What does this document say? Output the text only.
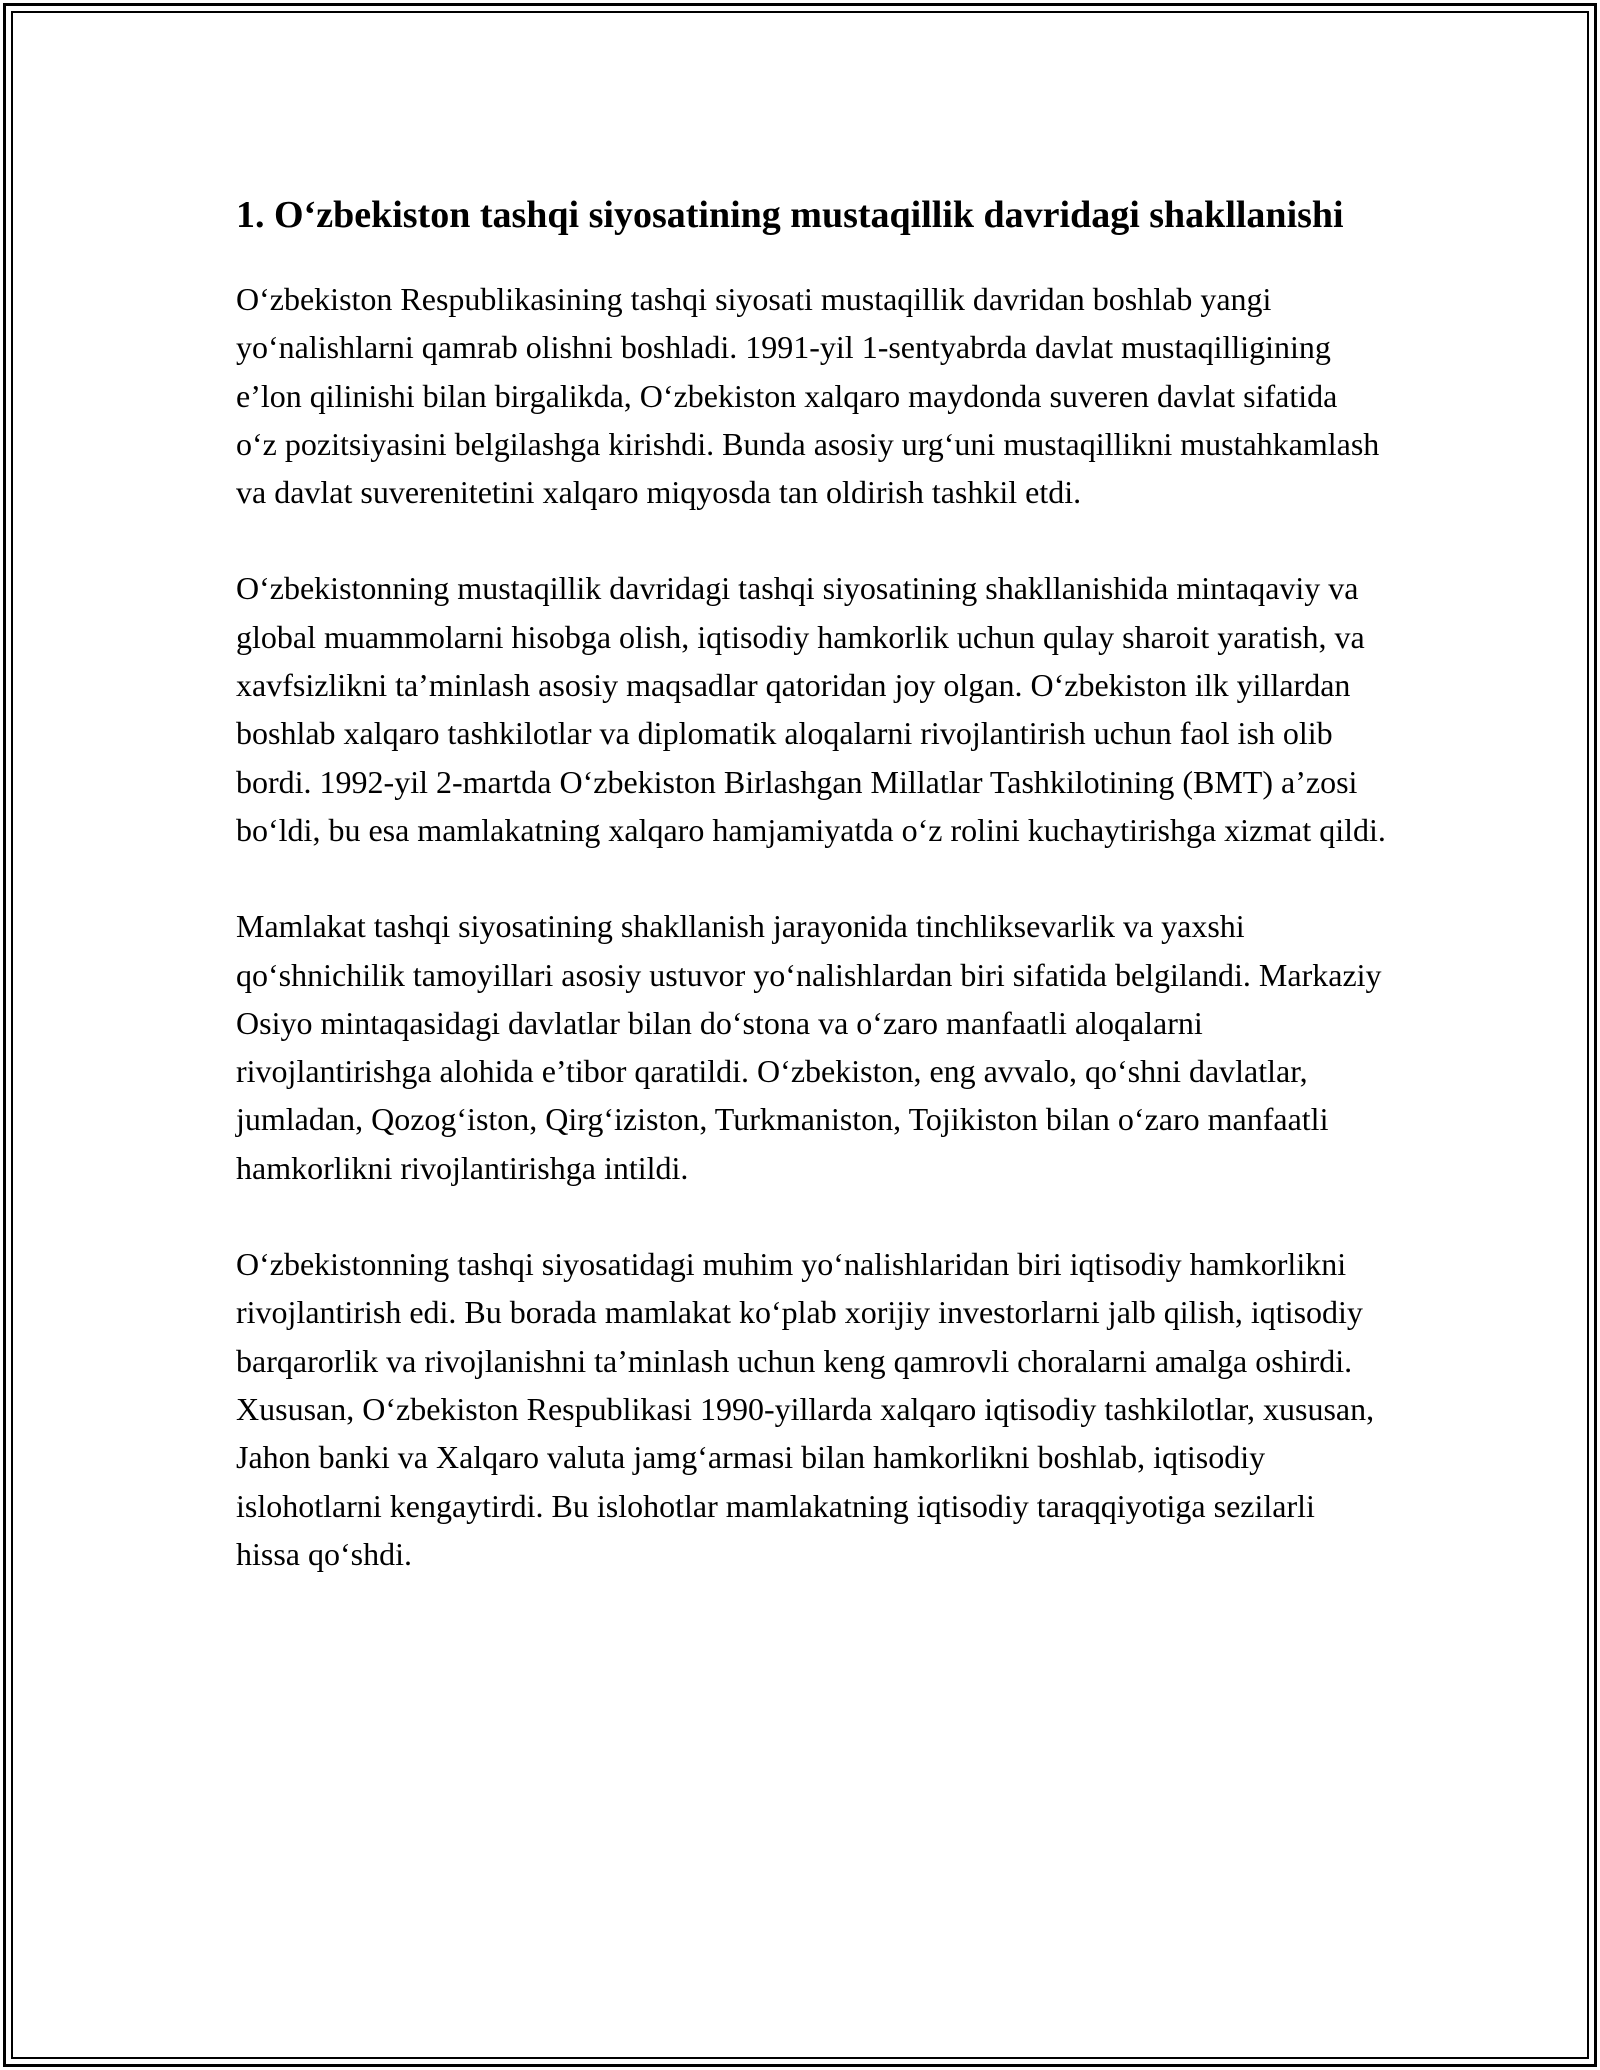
1. O‘zbekiston tashqi siyosatining mustaqillik davridagi shakllanishi

O‘zbekiston Respublikasining tashqi siyosati mustaqillik davridan boshlab yangi yo‘nalishlarni qamrab olishni boshladi. 1991-yil 1-sentyabrda davlat mustaqilligining e’lon qilinishi bilan birgalikda, O‘zbekiston xalqaro maydonda suveren davlat sifatida o‘z pozitsiyasini belgilashga kirishdi. Bunda asosiy urg‘uni mustaqillikni mustahkamlash va davlat suverenitetini xalqaro miqyosda tan oldirish tashkil etdi.

O‘zbekistonning mustaqillik davridagi tashqi siyosatining shakllanishida mintaqaviy va global muammolarni hisobga olish, iqtisodiy hamkorlik uchun qulay sharoit yaratish, va xavfsizlikni ta’minlash asosiy maqsadlar qatoridan joy olgan. O‘zbekiston ilk yillardan boshlab xalqaro tashkilotlar va diplomatik aloqalarni rivojlantirish uchun faol ish olib bordi. 1992-yil 2-martda O‘zbekiston Birlashgan Millatlar Tashkilotining (BMT) a’zosi bo‘ldi, bu esa mamlakatning xalqaro hamjamiyatda o‘z rolini kuchaytirishga xizmat qildi.

Mamlakat tashqi siyosatining shakllanish jarayonida tinchliksevarlik va yaxshi qo‘shnichilik tamoyillari asosiy ustuvor yo‘nalishlardan biri sifatida belgilandi. Markaziy Osiyo mintaqasidagi davlatlar bilan do‘stona va o‘zaro manfaatli aloqalarni rivojlantirishga alohida e’tibor qaratildi. O‘zbekiston, eng avvalo, qo‘shni davlatlar, jumladan, Qozog‘iston, Qirg‘iziston, Turkmaniston, Tojikiston bilan o‘zaro manfaatli hamkorlikni rivojlantirishga intildi.

O‘zbekistonning tashqi siyosatidagi muhim yo‘nalishlaridan biri iqtisodiy hamkorlikni rivojlantirish edi. Bu borada mamlakat ko‘plab xorijiy investorlarni jalb qilish, iqtisodiy barqarorlik va rivojlanishni ta’minlash uchun keng qamrovli choralarni amalga oshirdi. Xususan, O‘zbekiston Respublikasi 1990-yillarda xalqaro iqtisodiy tashkilotlar, xususan, Jahon banki va Xalqaro valuta jamg‘armasi bilan hamkorlikni boshlab, iqtisodiy islohotlarni kengaytirdi. Bu islohotlar mamlakatning iqtisodiy taraqqiyotiga sezilarli hissa qo‘shdi.
